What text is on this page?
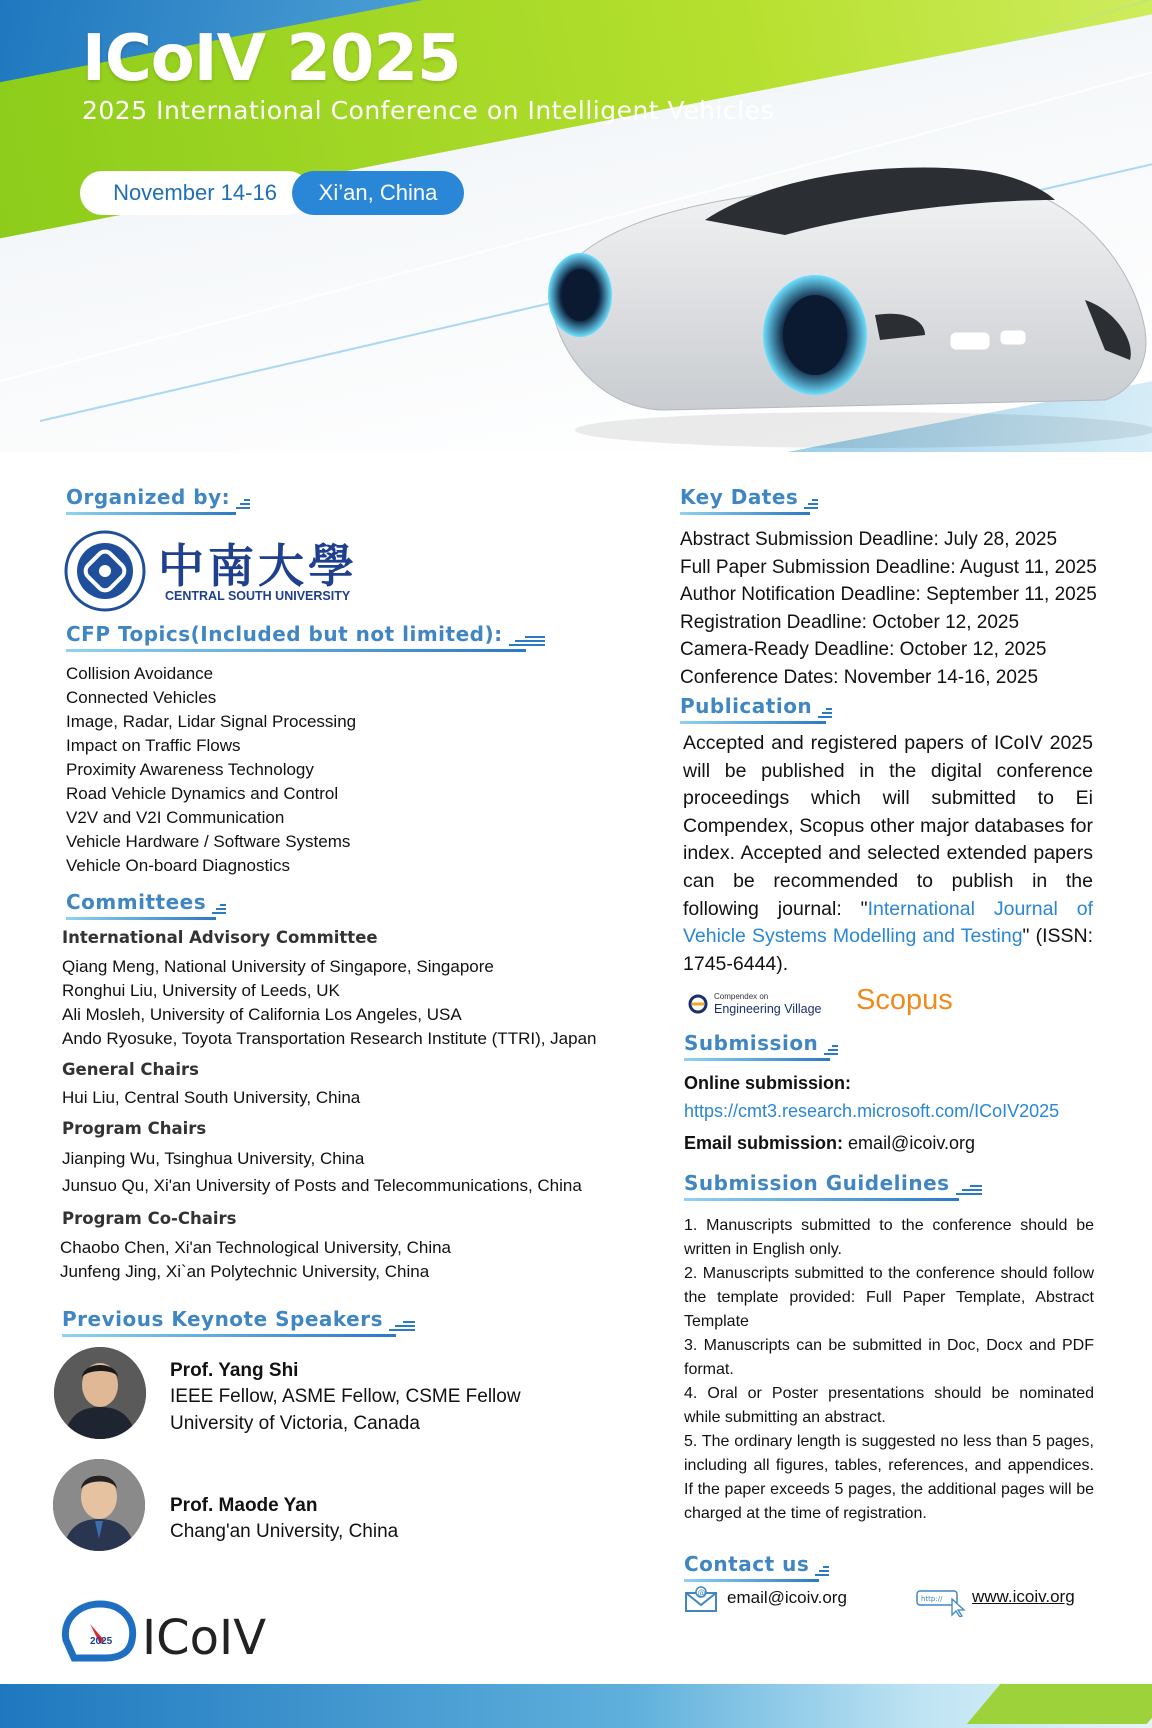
ICoIV 2025
2025 International Conference on Intelligent Vehicles
November 14-16	Xi’an, China
Organized by:
中南大學
CENTRAL SOUTH UNIVERSITY
CFP Topics(Included but not limited):
Collision Avoidance
Connected Vehicles
Image, Radar, Lidar Signal Processing
Impact on Traffic Flows
Proximity Awareness Technology
Road Vehicle Dynamics and Control
V2V and V2I Communication
Vehicle Hardware / Software Systems
Vehicle On-board Diagnostics
Committees
International Advisory Committee
Qiang Meng, National University of Singapore, Singapore
Ronghui Liu, University of Leeds, UK
Ali Mosleh, University of California Los Angeles, USA
Ando Ryosuke, Toyota Transportation Research Institute (TTRI), Japan
General Chairs
Hui Liu, Central South University, China
Program Chairs
Jianping Wu, Tsinghua University, China
Junsuo Qu, Xi'an University of Posts and Telecommunications, China
Program Co-Chairs
Chaobo Chen, Xi'an Technological University, China
Junfeng Jing, Xi`an Polytechnic University, China
Previous Keynote Speakers
Prof. Yang Shi
IEEE Fellow, ASME Fellow, CSME Fellow
University of Victoria, Canada
Prof. Maode Yan
Chang'an University, China
2025 ICoIV
Key Dates
Abstract Submission Deadline: July 28, 2025
Full Paper Submission Deadline: August 11, 2025
Author Notification Deadline: September 11, 2025
Registration Deadline: October 12, 2025
Camera-Ready Deadline: October 12, 2025
Conference Dates: November 14-16, 2025
Publication
Accepted and registered papers of ICoIV 2025 will be published in the digital conference proceedings which will submitted to Ei Compendex, Scopus other major databases for index. Accepted and selected extended papers can be recommended to publish in the following journal: "International Journal of Vehicle Systems Modelling and Testing" (ISSN: 1745-6444).
Compendex on
Engineering Village Scopus
Submission
Online submission:
https://cmt3.research.microsoft.com/ICoIV2025
Email submission: email@icoiv.org
Submission Guidelines
1. Manuscripts submitted to the conference should be written in English only.
2. Manuscripts submitted to the conference should follow the template provided: Full Paper Template, Abstract Template
3. Manuscripts can be submitted in Doc, Docx and PDF format.
4. Oral or Poster presentations should be nominated while submitting an abstract.
5. The ordinary length is suggested no less than 5 pages, including all figures, tables, references, and appendices. If the paper exceeds 5 pages, the additional pages will be charged at the time of registration.
Contact us
@ email@icoiv.org	http:// www.icoiv.org
